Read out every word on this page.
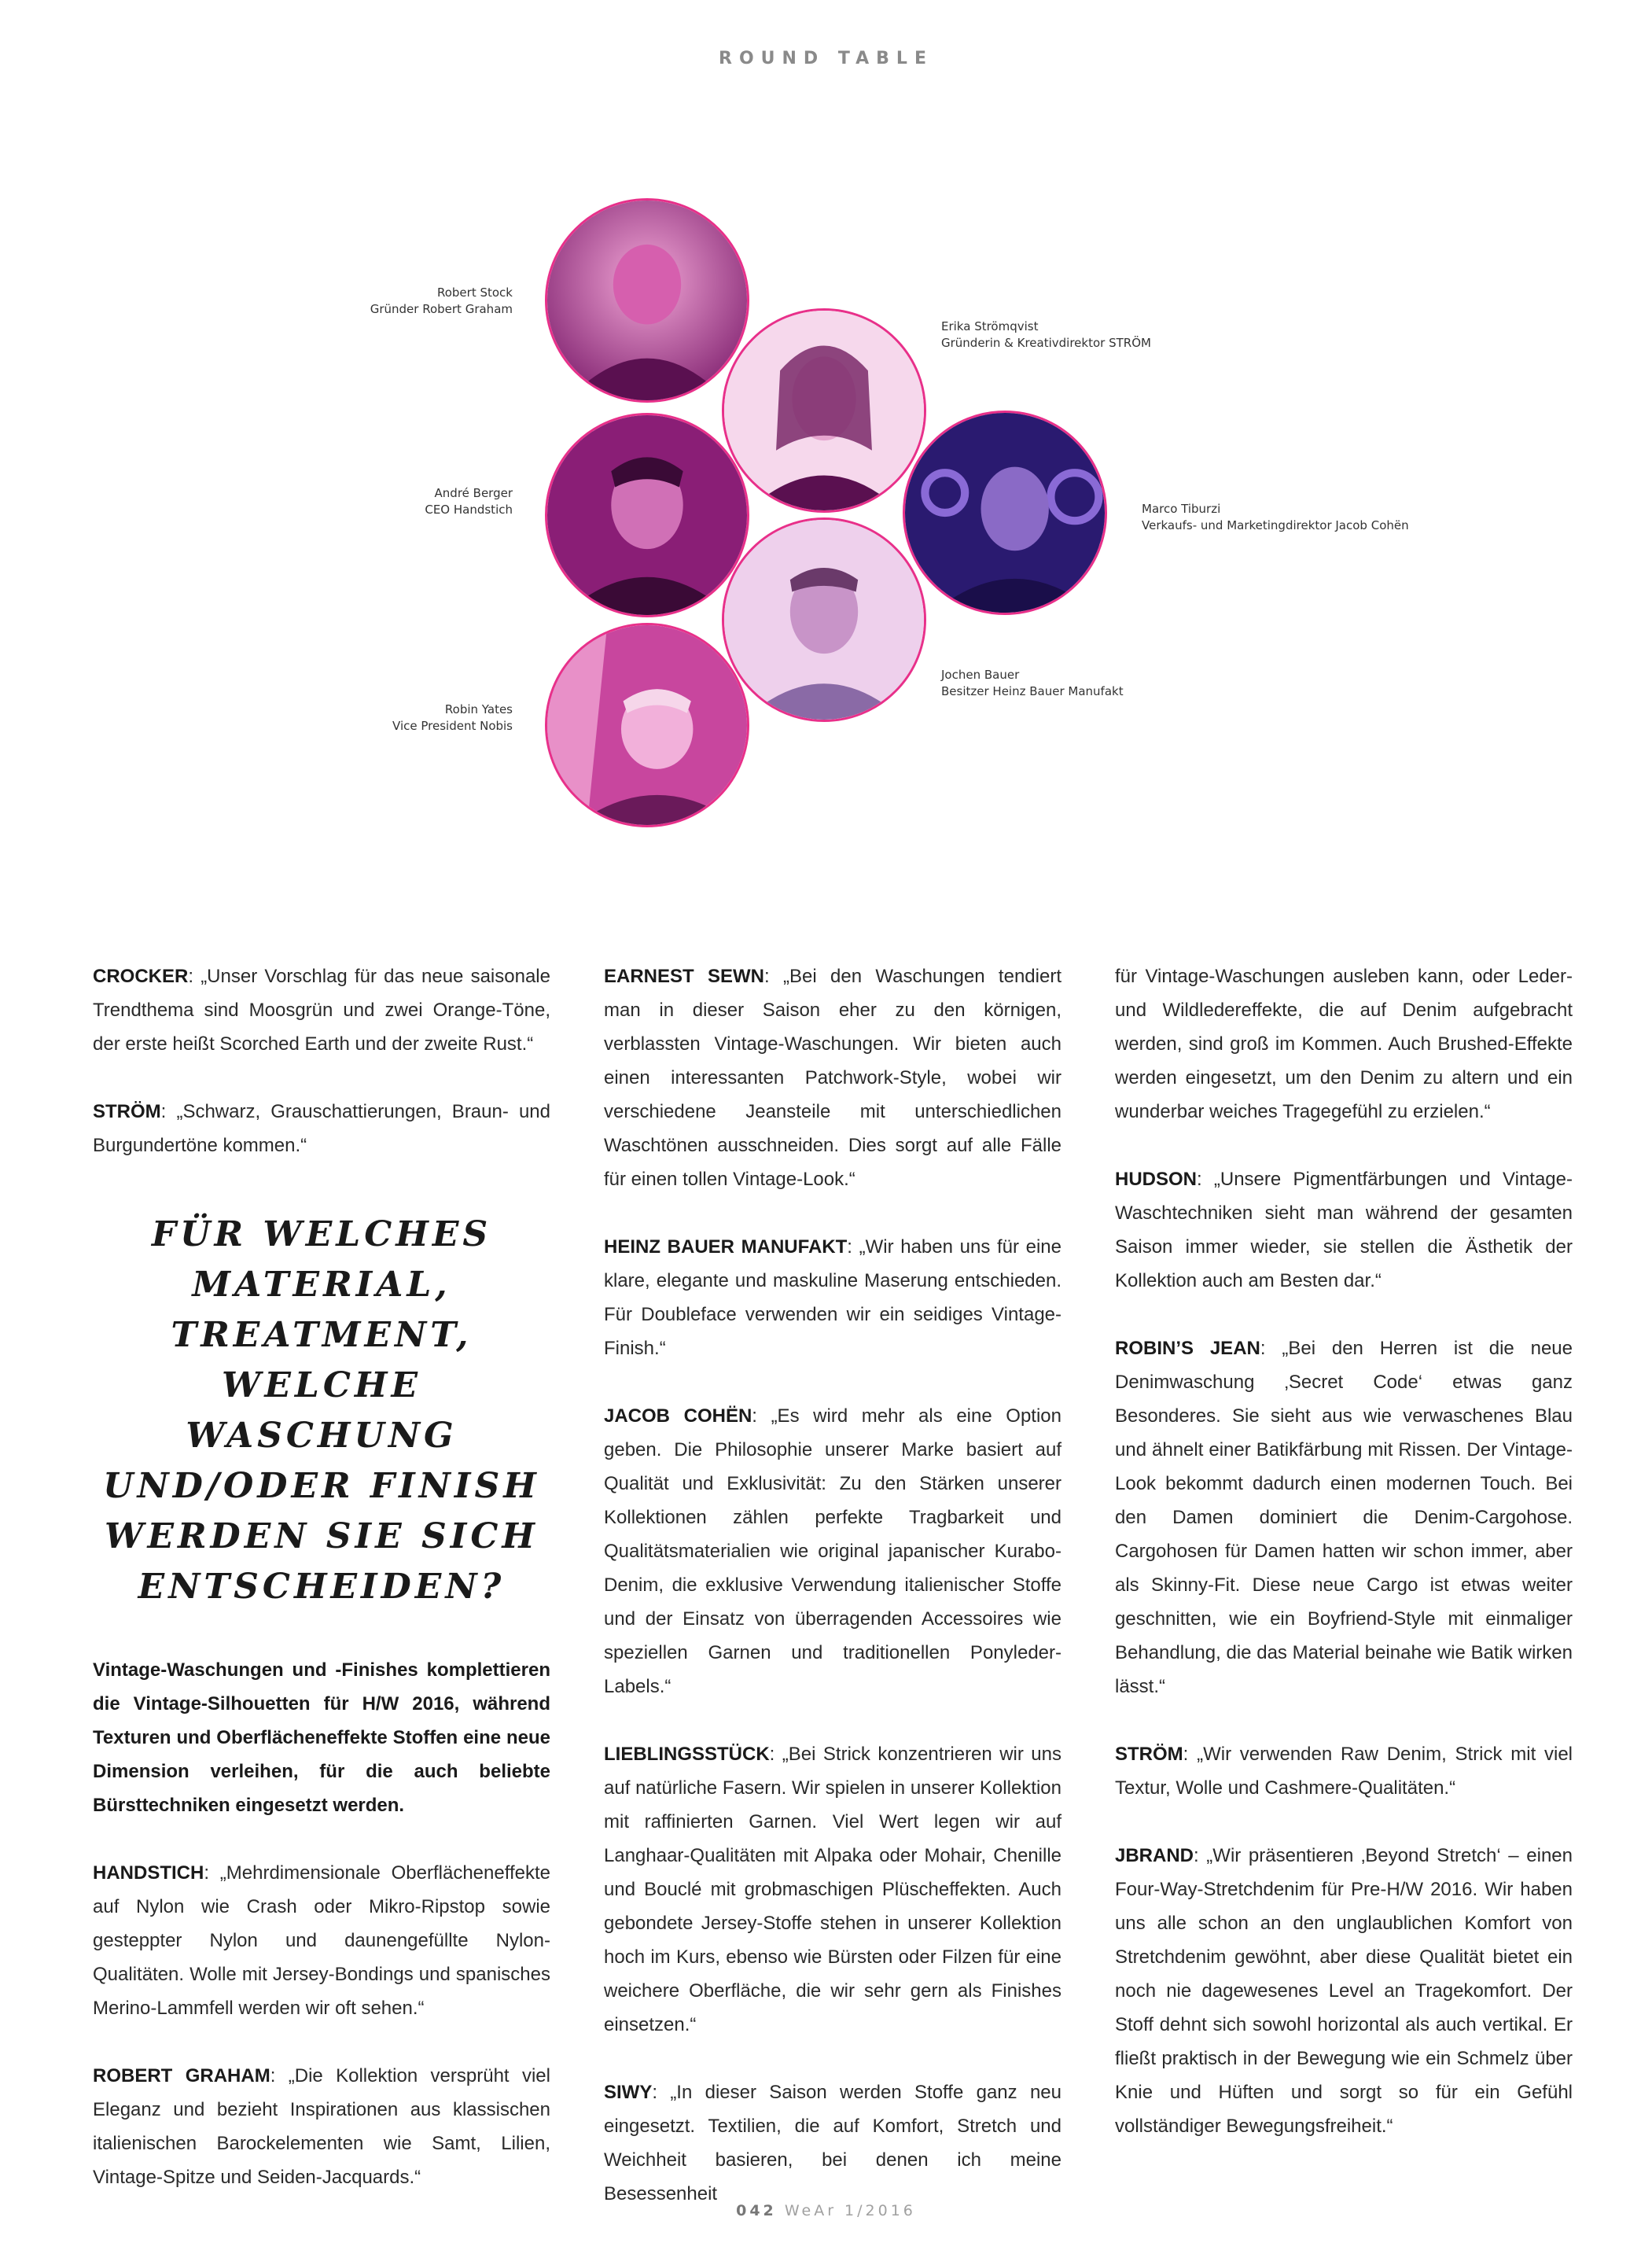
ROUND TABLE
Robert Stock
Gründer Robert Graham
Erika Strömqvist
Gründerin & Kreativdirektor STRÖM
André Berger
CEO Handstich	Marco Tiburzi
Verkaufs- und Marketingdirektor Jacob Cohën
Jochen Bauer
Besitzer Heinz Bauer Manufakt
Robin Yates
Vice President Nobis

CROCKER: „Unser Vorschlag für das neue saisonale Trendthema sind Moosgrün und zwei Orange-Töne, der erste heißt Scorched Earth und der zweite Rust.“

STRÖM: „Schwarz, Grauschattierungen, Braun- und Burgundertöne kommen.“

FÜR WELCHES MATERIAL, TREATMENT, WELCHE WASCHUNG UND/ODER FINISH WERDEN SIE SICH ENTSCHEIDEN?

Vintage-Waschungen und -Finishes komplettieren die Vintage-Silhouetten für H/W 2016, während Texturen und Oberflächeneffekte Stoffen eine neue Dimension verleihen, für die auch beliebte Bürsttechniken eingesetzt werden.

HANDSTICH: „Mehrdimensionale Oberflächeneffekte auf Nylon wie Crash oder Mikro-Ripstop sowie gesteppter Nylon und daunengefüllte Nylon-Qualitäten. Wolle mit Jersey-Bondings und spanisches Merino-Lammfell werden wir oft sehen.“

ROBERT GRAHAM: „Die Kollektion versprüht viel Eleganz und bezieht Inspirationen aus klassischen italienischen Barockelementen wie Samt, Lilien, Vintage-Spitze und Seiden-Jacquards.“

EARNEST SEWN: „Bei den Waschungen tendiert man in dieser Saison eher zu den körnigen, verblassten Vintage-Waschungen. Wir bieten auch einen interessanten Patchwork-Style, wobei wir verschiedene Jeansteile mit unterschiedlichen Waschtönen ausschneiden. Dies sorgt auf alle Fälle für einen tollen Vintage-Look.“

HEINZ BAUER MANUFAKT: „Wir haben uns für eine klare, elegante und maskuline Maserung entschieden. Für Doubleface verwenden wir ein seidiges Vintage-Finish.“

JACOB COHËN: „Es wird mehr als eine Option geben. Die Philosophie unserer Marke basiert auf Qualität und Exklusivität: Zu den Stärken unserer Kollektionen zählen perfekte Tragbarkeit und Qualitätsmaterialien wie original japanischer Kurabo-Denim, die exklusive Verwendung italienischer Stoffe und der Einsatz von überragenden Accessoires wie speziellen Garnen und traditionellen Ponyleder-Labels.“

LIEBLINGSSTÜCK: „Bei Strick konzentrieren wir uns auf natürliche Fasern. Wir spielen in unserer Kollektion mit raffinierten Garnen. Viel Wert legen wir auf Langhaar-Qualitäten mit Alpaka oder Mohair, Chenille und Bouclé mit grobmaschigen Plüscheffekten. Auch gebondete Jersey-Stoffe stehen in unserer Kollektion hoch im Kurs, ebenso wie Bürsten oder Filzen für eine weichere Oberfläche, die wir sehr gern als Finishes einsetzen.“

SIWY: „In dieser Saison werden Stoffe ganz neu eingesetzt. Textilien, die auf Komfort, Stretch und Weichheit basieren, bei denen ich meine Besessenheit

für Vintage-Waschungen ausleben kann, oder Leder- und Wildledereffekte, die auf Denim aufgebracht werden, sind groß im Kommen. Auch Brushed-Effekte werden eingesetzt, um den Denim zu altern und ein wunderbar weiches Tragegefühl zu erzielen.“

HUDSON: „Unsere Pigmentfärbungen und Vintage-Waschtechniken sieht man während der gesamten Saison immer wieder, sie stellen die Ästhetik der Kollektion auch am Besten dar.“

ROBIN’S JEAN: „Bei den Herren ist die neue Denimwaschung ‚Secret Code‘ etwas ganz Besonderes. Sie sieht aus wie verwaschenes Blau und ähnelt einer Batikfärbung mit Rissen. Der Vintage-Look bekommt dadurch einen modernen Touch. Bei den Damen dominiert die Denim-Cargohose. Cargohosen für Damen hatten wir schon immer, aber als Skinny-Fit. Diese neue Cargo ist etwas weiter geschnitten, wie ein Boyfriend-Style mit einmaliger Behandlung, die das Material beinahe wie Batik wirken lässt.“

STRÖM: „Wir verwenden Raw Denim, Strick mit viel Textur, Wolle und Cashmere-Qualitäten.“

JBRAND: „Wir präsentieren ‚Beyond Stretch‘ – einen Four-Way-Stretchdenim für Pre-H/W 2016. Wir haben uns alle schon an den unglaublichen Komfort von Stretchdenim gewöhnt, aber diese Qualität bietet ein noch nie dagewesenes Level an Tragekomfort. Der Stoff dehnt sich sowohl horizontal als auch vertikal. Er fließt praktisch in der Bewegung wie ein Schmelz über Knie und Hüften und sorgt so für ein Gefühl vollständiger Bewegungsfreiheit.“

042 WeAr 1/2016
